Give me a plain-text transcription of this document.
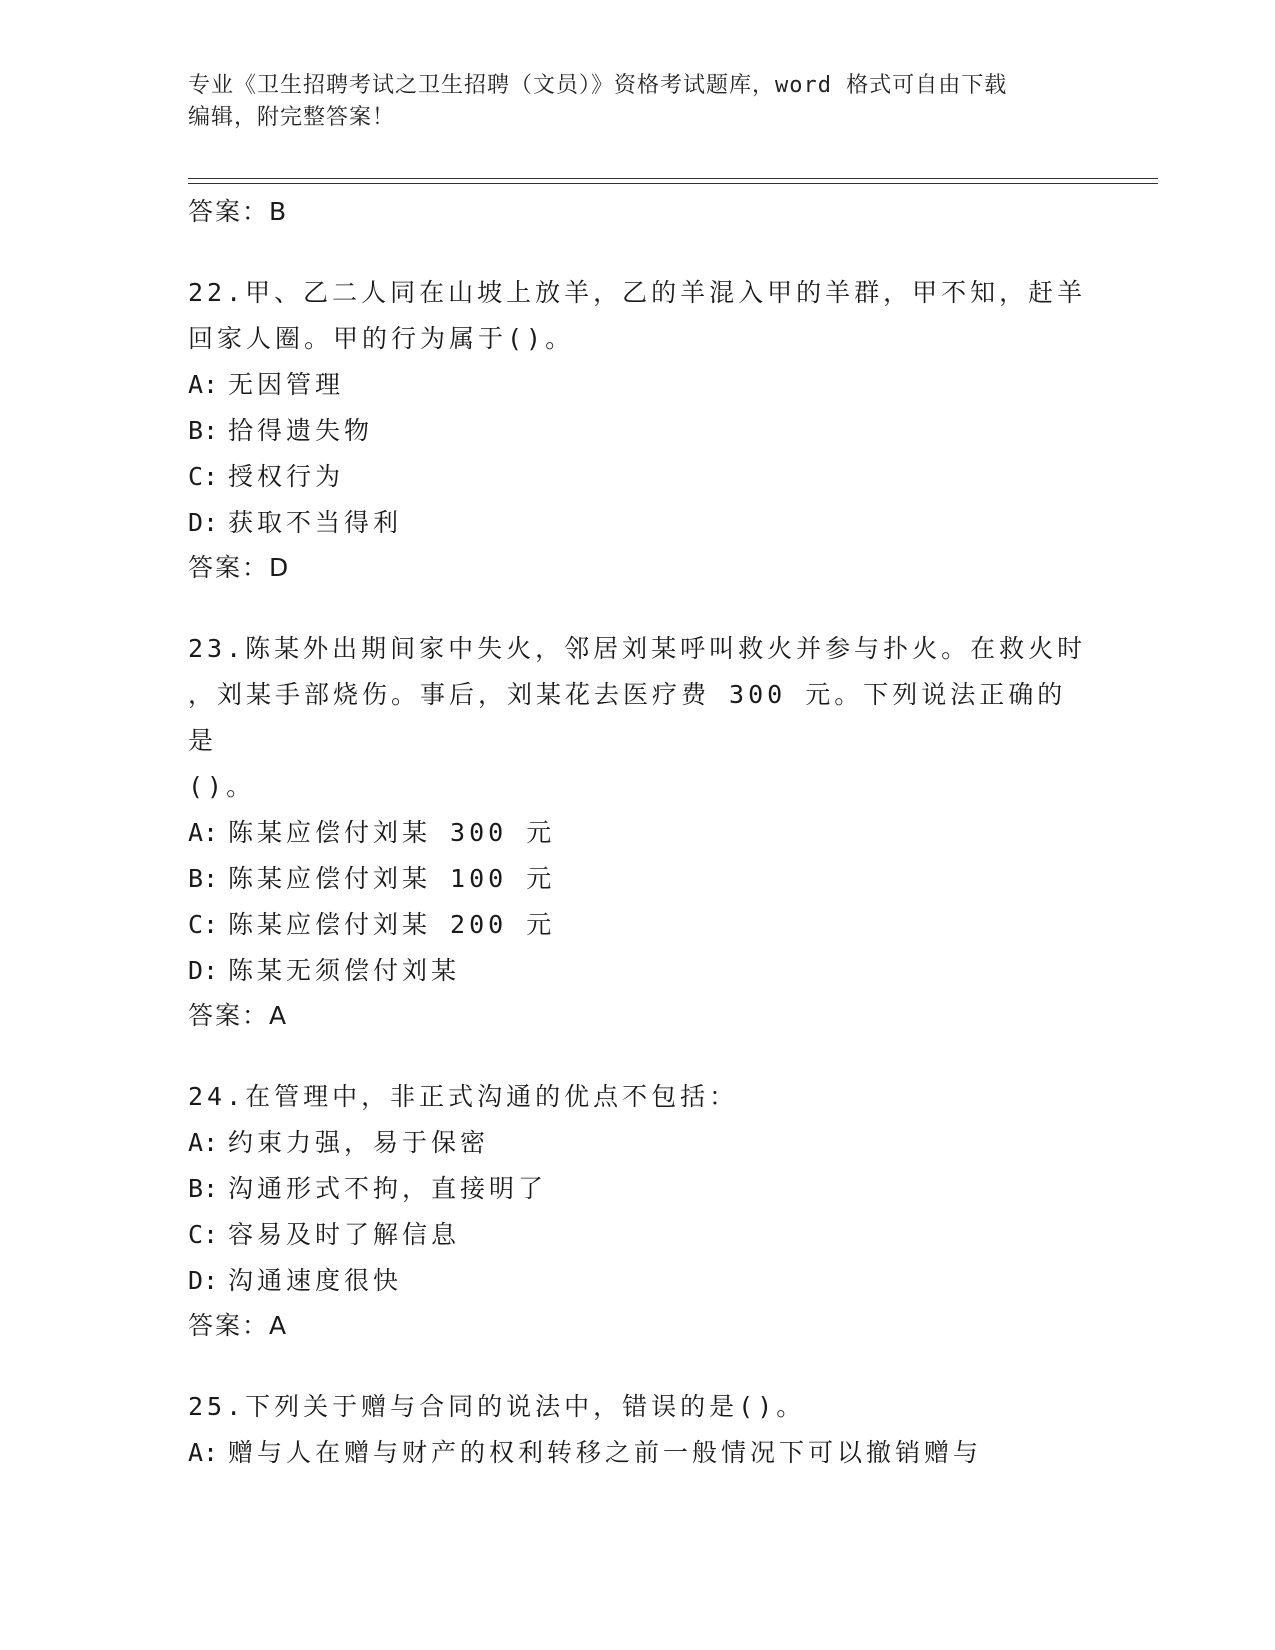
专业《卫生招聘考试之卫生招聘（文员）》资格考试题库，word 格式可自由下载
编辑，附完整答案！
答案：B
22.甲、乙二人同在山坡上放羊，乙的羊混入甲的羊群，甲不知，赶羊
回家人圈。甲的行为属于()。
A: 无因管理
B: 拾得遗失物
C: 授权行为
D: 获取不当得利
答案：D
23.陈某外出期间家中失火，邻居刘某呼叫救火并参与扑火。在救火时
，刘某手部烧伤。事后，刘某花去医疗费 300 元。下列说法正确的是
()。
A: 陈某应偿付刘某 300 元
B: 陈某应偿付刘某 100 元
C: 陈某应偿付刘某 200 元
D: 陈某无须偿付刘某
答案：A
24.在管理中，非正式沟通的优点不包括：
A: 约束力强，易于保密
B: 沟通形式不拘，直接明了
C: 容易及时了解信息
D: 沟通速度很快
答案：A
25.下列关于赠与合同的说法中，错误的是()。
A: 赠与人在赠与财产的权利转移之前一般情况下可以撤销赠与
